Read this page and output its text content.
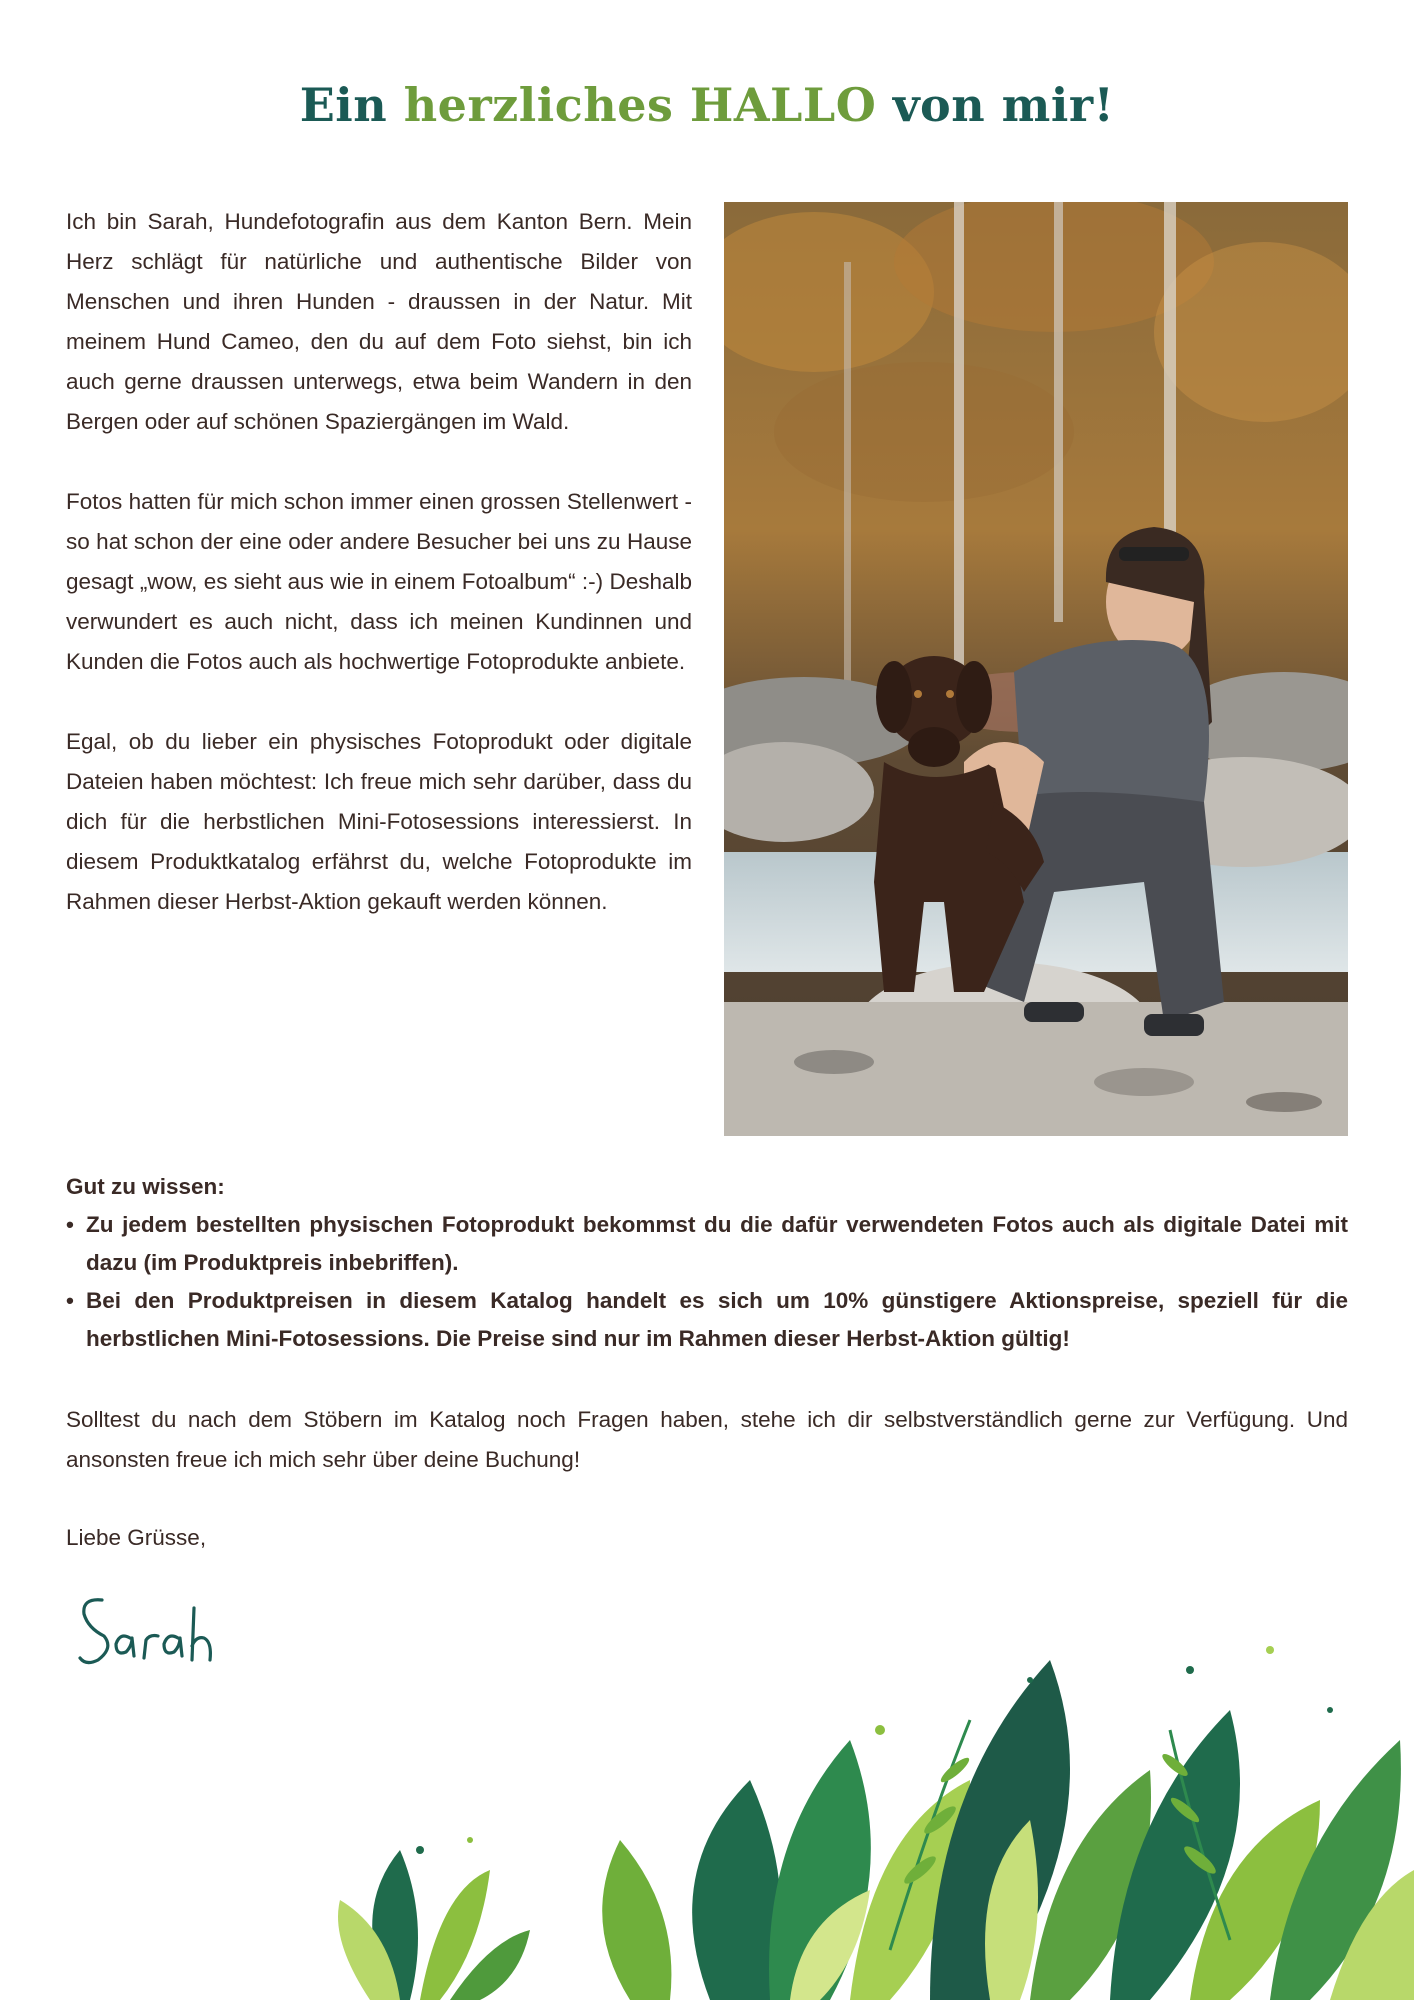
Ein herzliches HALLO von mir!

Ich bin Sarah, Hundefotografin aus dem Kanton Bern. Mein Herz schlägt für natürliche und authentische Bilder von Menschen und ihren Hunden - draussen in der Natur. Mit meinem Hund Cameo, den du auf dem Foto siehst, bin ich auch gerne draussen unterwegs, etwa beim Wandern in den Bergen oder auf schönen Spaziergängen im Wald.

Fotos hatten für mich schon immer einen grossen Stellenwert - so hat schon der eine oder andere Besucher bei uns zu Hause gesagt „wow, es sieht aus wie in einem Fotoalbum“ :-) Deshalb verwundert es auch nicht, dass ich meinen Kundinnen und Kunden die Fotos auch als hochwertige Fotoprodukte anbiete.

Egal, ob du lieber ein physisches Fotoprodukt oder digitale Dateien haben möchtest: Ich freue mich sehr darüber, dass du dich für die herbstlichen Mini-Fotosessions interessierst. In diesem Produktkatalog erfährst du, welche Fotoprodukte im Rahmen dieser Herbst-Aktion gekauft werden können.

Gut zu wissen:

• Zu jedem bestellten physischen Fotoprodukt bekommst du die dafür verwendeten Fotos auch als digitale Datei mit dazu (im Produktpreis inbebriffen).
• Bei den Produktpreisen in diesem Katalog handelt es sich um 10% günstigere Aktionspreise, speziell für die herbstlichen Mini-Fotosessions. Die Preise sind nur im Rahmen dieser Herbst-Aktion gültig!

Solltest du nach dem Stöbern im Katalog noch Fragen haben, stehe ich dir selbstverständlich gerne zur Verfügung. Und ansonsten freue ich mich sehr über deine Buchung!

Liebe Grüsse,
